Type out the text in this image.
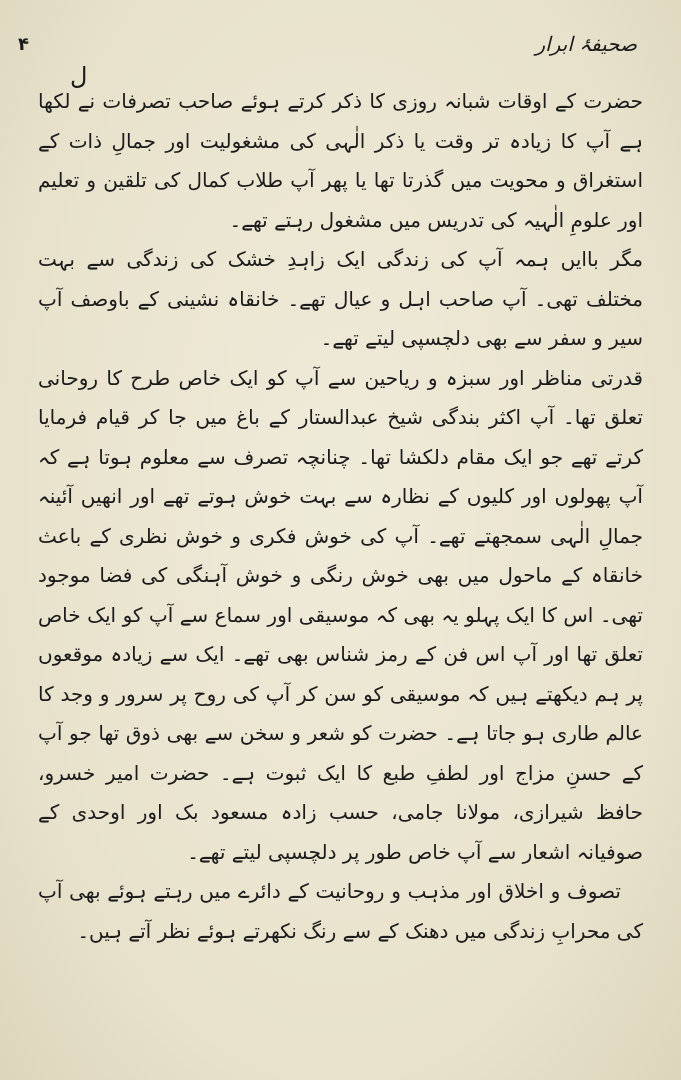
۴	صحیفۂ ابرار
ل

حضرت کے اوقات شبانہ روزی کا ذکر کرتے ہوئے صاحب تصرفات نے لکھا ہے آپ کا زیادہ تر وقت یا ذکر الٰہی کی مشغولیت اور جمالِ ذات کے استغراق و محویت میں گذرتا تھا یا پھر آپ طلاب کمال کی تلقین و تعلیم اور علومِ الٰہیہ کی تدریس میں مشغول رہتے تھے۔

مگر باایں ہمہ آپ کی زندگی ایک زاہدِ خشک کی زندگی سے بہت مختلف تھی۔ آپ صاحب اہل و عیال تھے۔ خانقاہ نشینی کے باوصف آپ سیر و سفر سے بھی دلچسپی لیتے تھے۔

قدرتی مناظر اور سبزہ و ریاحین سے آپ کو ایک خاص طرح کا روحانی تعلق تھا۔ آپ اکثر بندگی شیخ عبدالستار کے باغ میں جا کر قیام فرمایا کرتے تھے جو ایک مقام دلکشا تھا۔ چنانچہ تصرف سے معلوم ہوتا ہے کہ آپ پھولوں اور کلیوں کے نظارہ سے بہت خوش ہوتے تھے اور انھیں آئینہ جمالِ الٰہی سمجھتے تھے۔ آپ کی خوش فکری و خوش نظری کے باعث خانقاہ کے ماحول میں بھی خوش رنگی و خوش آہنگی کی فضا موجود تھی۔ اس کا ایک پہلو یہ بھی کہ موسیقی اور سماع سے آپ کو ایک خاص تعلق تھا اور آپ اس فن کے رمز شناس بھی تھے۔ ایک سے زیادہ موقعوں پر ہم دیکھتے ہیں کہ موسیقی کو سن کر آپ کی روح پر سرور و وجد کا عالم طاری ہو جاتا ہے۔ حضرت کو شعر و سخن سے بھی ذوق تھا جو آپ کے حسنِ مزاج اور لطفِ طبع کا ایک ثبوت ہے۔ حضرت امیر خسرو، حافظ شیرازی، مولانا جامی، حسب زادہ مسعود بک اور اوحدی کے صوفیانہ اشعار سے آپ خاص طور پر دلچسپی لیتے تھے۔

تصوف و اخلاق اور مذہب و روحانیت کے دائرے میں رہتے ہوئے بھی آپ کی محرابِ زندگی میں دھنک کے سے رنگ نکھرتے ہوئے نظر آتے ہیں۔
